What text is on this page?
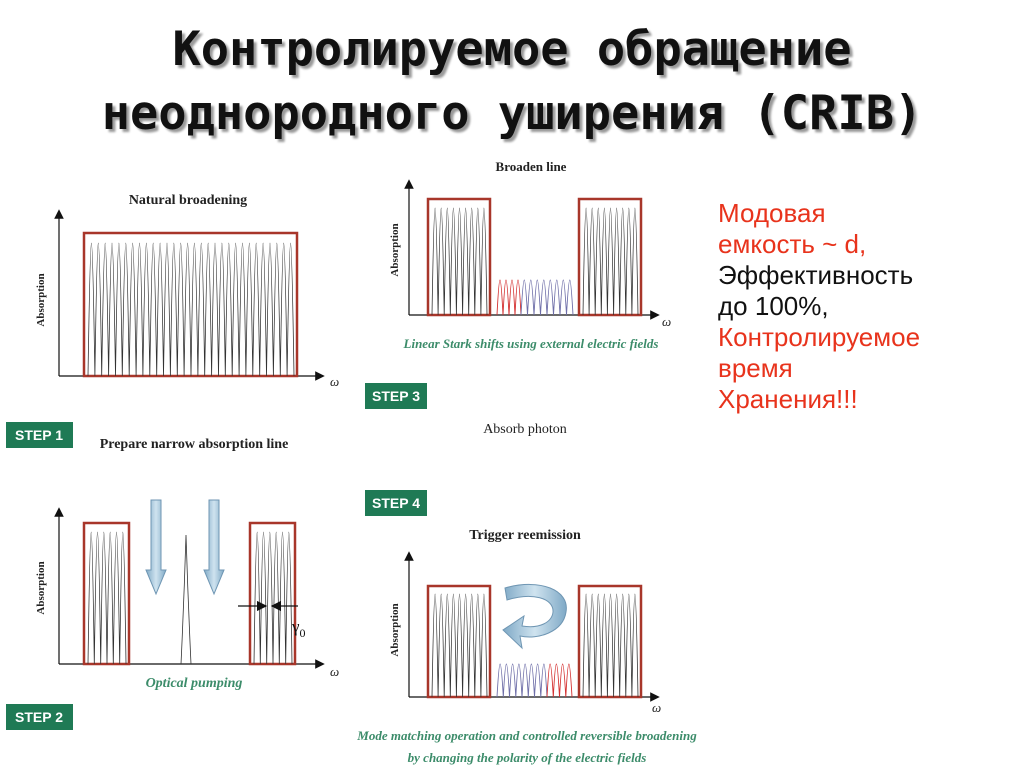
Контролируемое обращение
неоднородного уширения (CRIB)
Natural broadening
Absorption
ω
STEP 1
Prepare narrow absorption line
Absorption
ω
$\gamma_0$
Optical pumping
STEP 2
Broaden line
Absorption
ω
Linear Stark shifts using external electric fields
STEP 3
Absorb photon
STEP 4
Trigger reemission
Absorption
ω
Mode matching operation and controlled reversible broadening
by changing the polarity of the electric fields
Модовая
емкость ~ d,
Эффективность
до 100%,
Контролируемое
время
Хранения!!!
